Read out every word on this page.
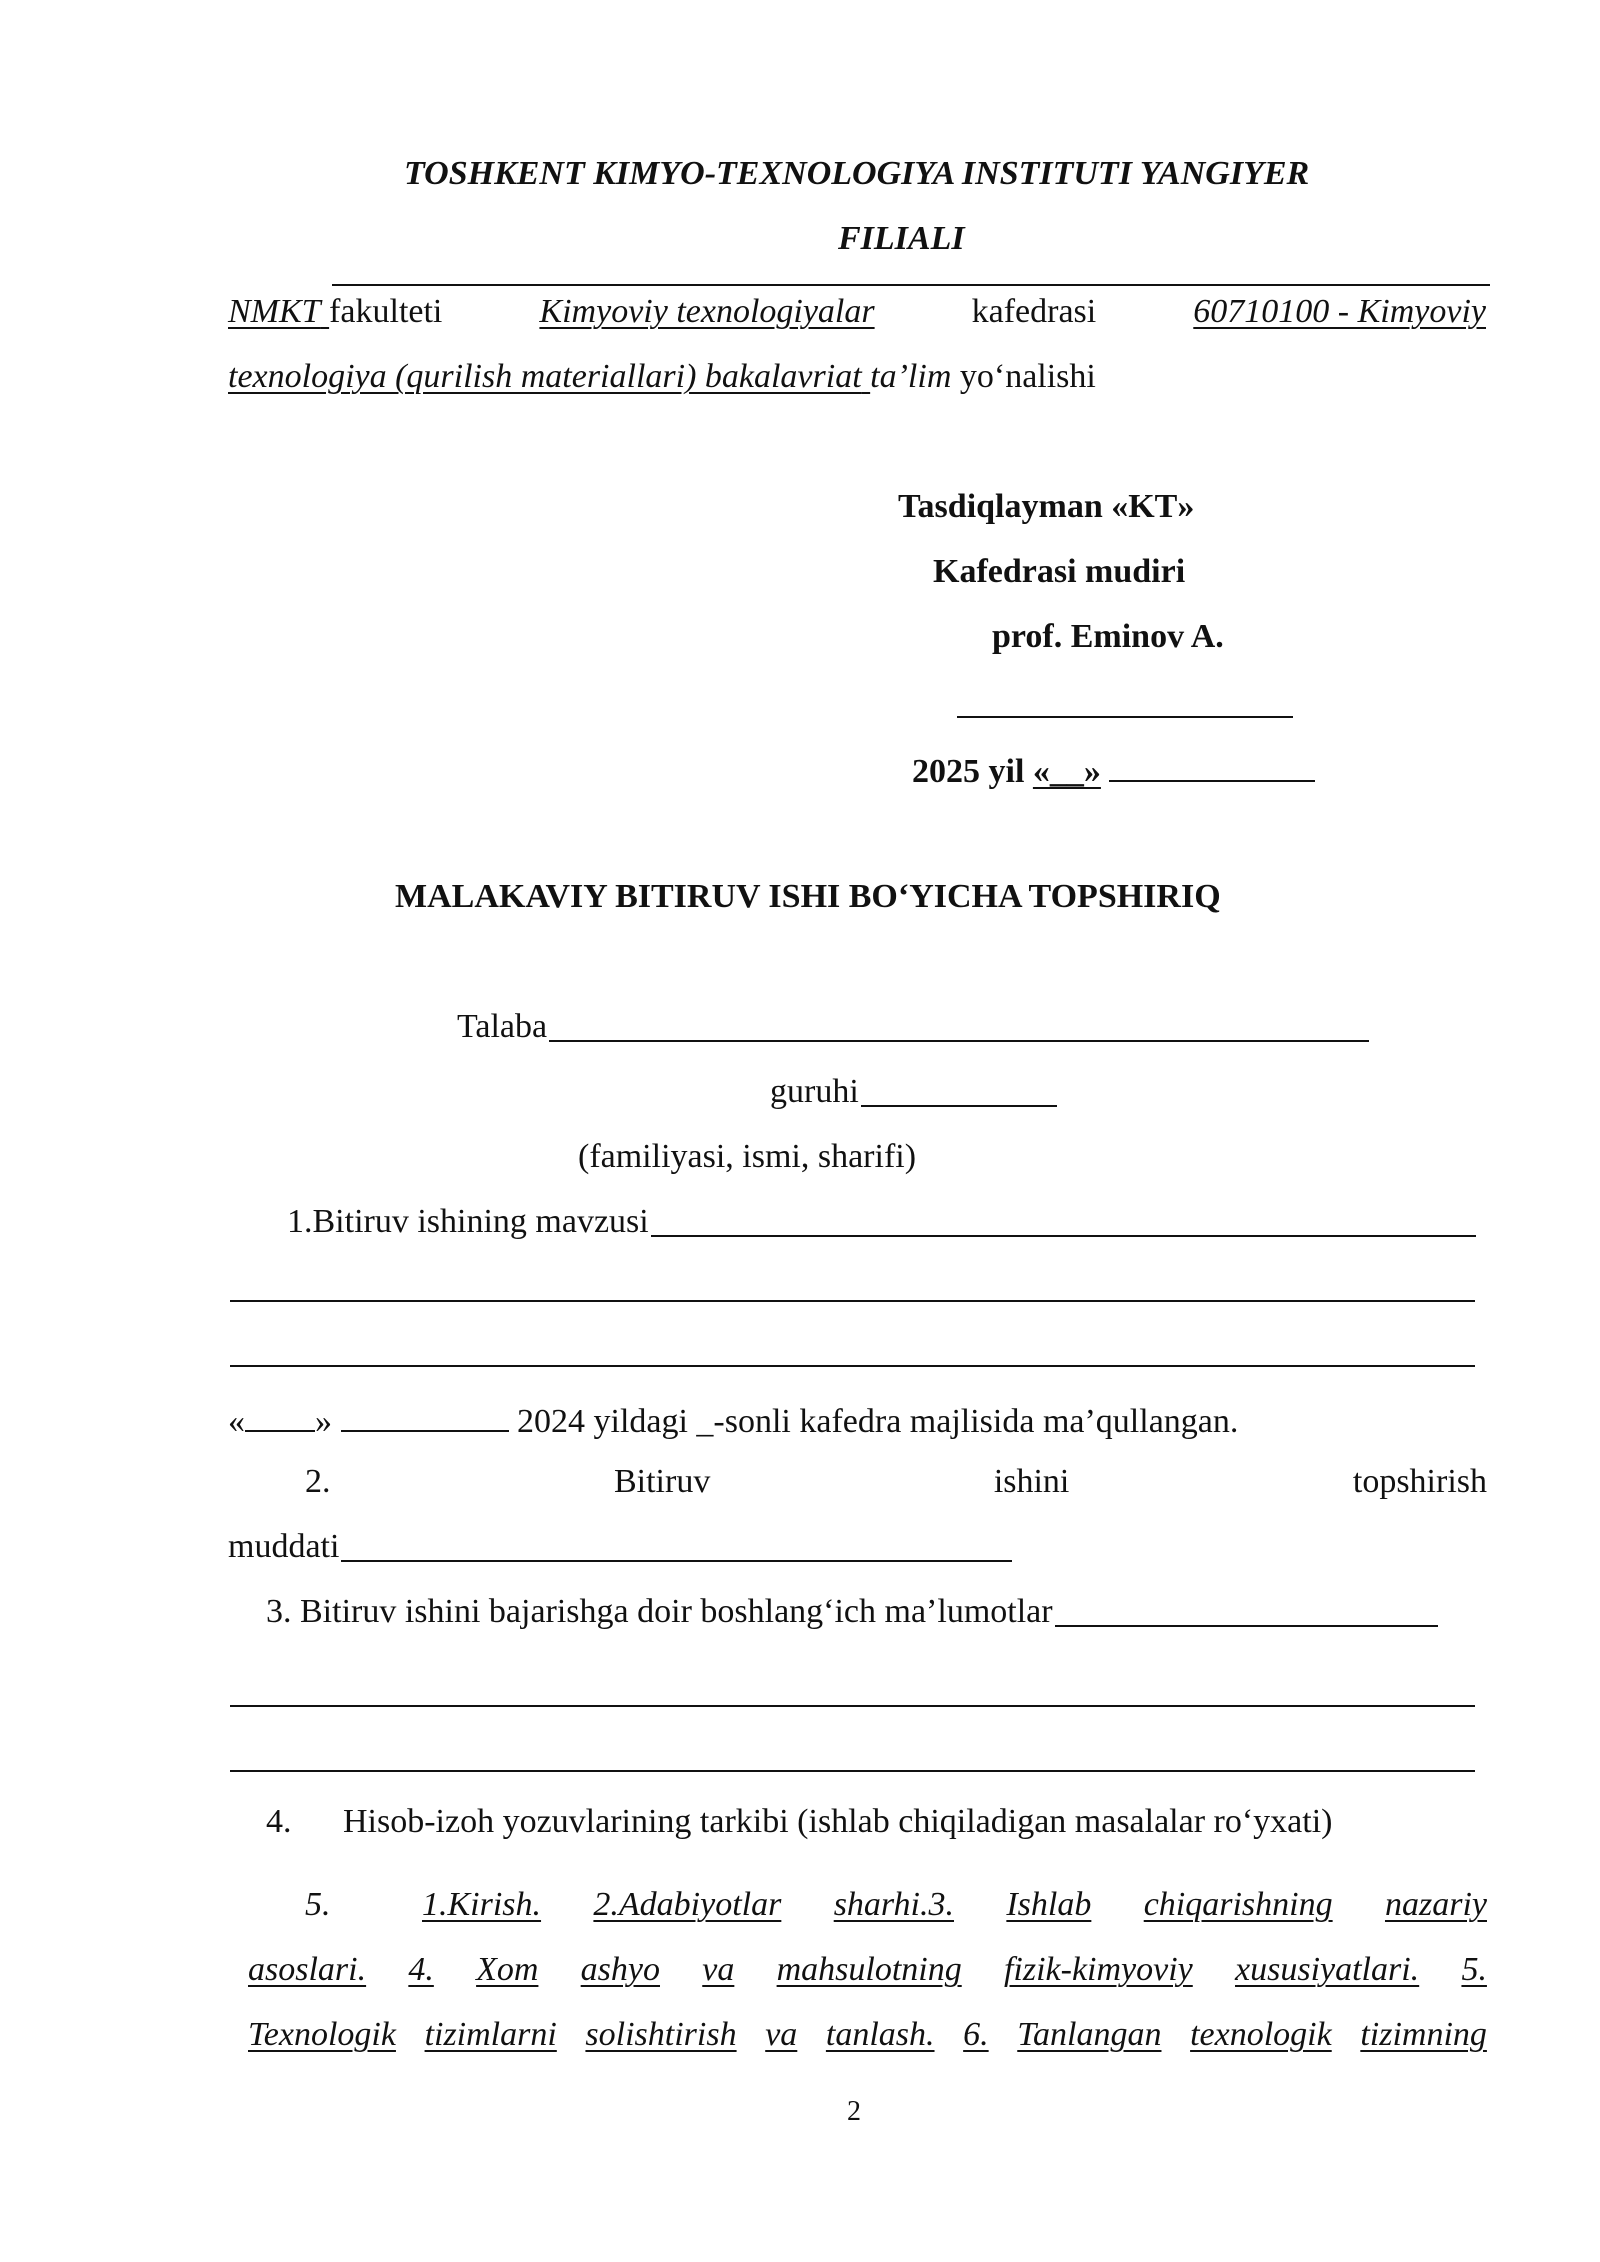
TOSHKENT KIMYO-TEXNOLOGIYA INSTITUTI YANGIYER
FILIALI
NMKT fakulteti	Kimyoviy texnologiyalar	kafedrasi	60710100 - Kimyoviy
texnologiya (qurilish materiallari) bakalavriat ta’lim yo‘nalishi
Tasdiqlayman «KT»
Kafedrasi mudiri
prof. Eminov A.
2025 yil «__»
MALAKAVIY BITIRUV ISHI BO‘YICHA TOPSHIRIQ
Talaba
guruhi
(familiyasi, ismi, sharifi)
1.Bitiruv ishining mavzusi
« »	2024 yildagi _-sonli kafedra majlisida ma’qullangan.
2.	Bitiruv	ishini	topshirish
muddati
3. Bitiruv ishini bajarishga doir boshlang‘ich ma’lumotlar
4. Hisob-izoh yozuvlarining tarkibi (ishlab chiqiladigan masalalar ro‘yxati)
5.	1.Kirish. 2.Adabiyotlar sharhi.3. Ishlab chiqarishning nazariy
asoslari. 4. Xom ashyo va mahsulotning fizik-kimyoviy xususiyatlari. 5.
Texnologik tizimlarni solishtirish va tanlash. 6. Tanlangan texnologik tizimning
2
